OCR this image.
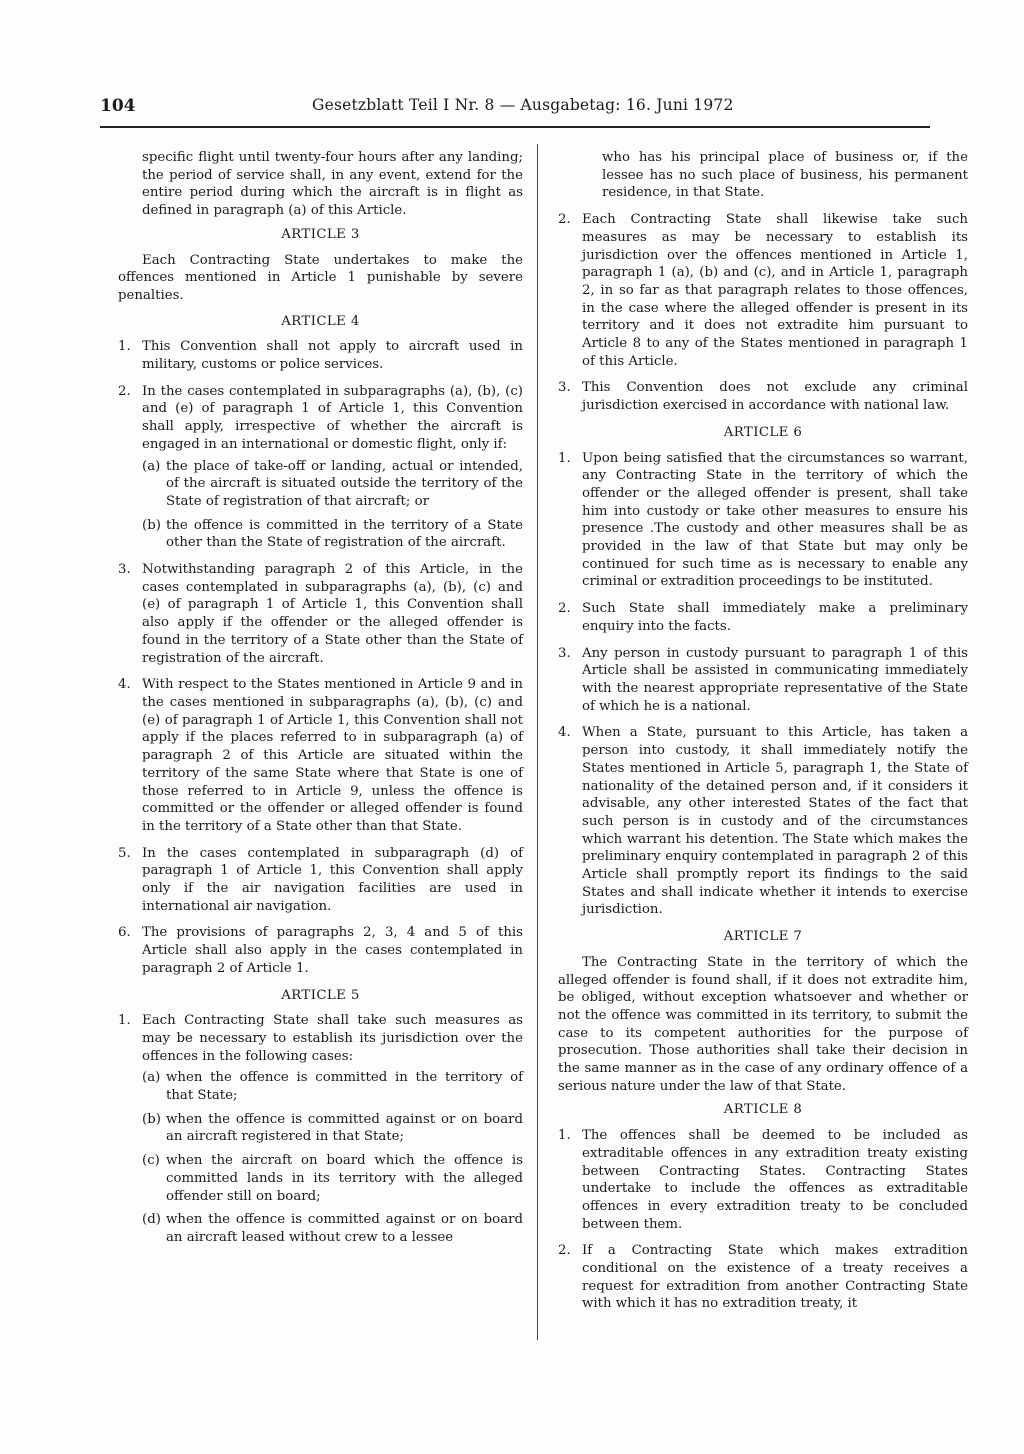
104	Gesetzblatt Teil I Nr. 8 — Ausgabetag: 16. Juni 1972

specific flight until twenty-four hours after any landing; the period of service shall, in any event, extend for the entire period during which the aircraft is in flight as defined in paragraph (a) of this Article.

ARTICLE 3

Each Contracting State undertakes to make the offences mentioned in Article 1 punishable by severe penalties.

ARTICLE 4
1. This Convention shall not apply to aircraft used in military, customs or police services.
2. In the cases contemplated in subparagraphs (a), (b), (c) and (e) of paragraph 1 of Article 1, this Convention shall apply, irrespective of whether the aircraft is engaged in an international or domestic flight, only if:
(a) the place of take-off or landing, actual or intended, of the aircraft is situated outside the territory of the State of registration of that aircraft; or
(b) the offence is committed in the territory of a State other than the State of registration of the aircraft.
3. Notwithstanding paragraph 2 of this Article, in the cases contemplated in subparagraphs (a), (b), (c) and (e) of paragraph 1 of Article 1, this Convention shall also apply if the offender or the alleged offender is found in the territory of a State other than the State of registration of the aircraft.
4. With respect to the States mentioned in Article 9 and in the cases mentioned in subparagraphs (a), (b), (c) and (e) of paragraph 1 of Article 1, this Convention shall not apply if the places referred to in subparagraph (a) of paragraph 2 of this Article are situated within the territory of the same State where that State is one of those referred to in Article 9, unless the offence is committed or the offender or alleged offender is found in the territory of a State other than that State.
5. In the cases contemplated in subparagraph (d) of paragraph 1 of Article 1, this Convention shall apply only if the air navigation facilities are used in international air navigation.
6. The provisions of paragraphs 2, 3, 4 and 5 of this Article shall also apply in the cases contemplated in paragraph 2 of Article 1.
ARTICLE 5
1. Each Contracting State shall take such measures as may be necessary to establish its jurisdiction over the offences in the following cases:
(a) when the offence is committed in the territory of that State;
(b) when the offence is committed against or on board an aircraft registered in that State;
(c) when the aircraft on board which the offence is committed lands in its territory with the alleged offender still on board;
(d) when the offence is committed against or on board an aircraft leased without crew to a lessee

who has his principal place of business or, if the lessee has no such place of business, his permanent residence, in that State.

2. Each Contracting State shall likewise take such measures as may be necessary to establish its jurisdiction over the offences mentioned in Article 1, paragraph 1 (a), (b) and (c), and in Article 1, paragraph 2, in so far as that paragraph relates to those offences, in the case where the alleged offender is present in its territory and it does not extradite him pursuant to Article 8 to any of the States mentioned in paragraph 1 of this Article.
3. This Convention does not exclude any criminal jurisdiction exercised in accordance with national law.
ARTICLE 6
1. Upon being satisfied that the circumstances so warrant, any Contracting State in the territory of which the offender or the alleged offender is present, shall take him into custody or take other measures to ensure his presence .The custody and other measures shall be as provided in the law of that State but may only be continued for such time as is necessary to enable any criminal or extradition proceedings to be instituted.
2. Such State shall immediately make a preliminary enquiry into the facts.
3. Any person in custody pursuant to paragraph 1 of this Article shall be assisted in communicating immediately with the nearest appropriate representative of the State of which he is a national.
4. When a State, pursuant to this Article, has taken a person into custody, it shall immediately notify the States mentioned in Article 5, paragraph 1, the State of nationality of the detained person and, if it considers it advisable, any other interested States of the fact that such person is in custody and of the circumstances which warrant his detention. The State which makes the preliminary enquiry contemplated in paragraph 2 of this Article shall promptly report its findings to the said States and shall indicate whether it intends to exercise jurisdiction.
ARTICLE 7

The Contracting State in the territory of which the alleged offender is found shall, if it does not extradite him, be obliged, without exception whatsoever and whether or not the offence was committed in its territory, to submit the case to its competent authorities for the purpose of prosecution. Those authorities shall take their decision in the same manner as in the case of any ordinary offence of a serious nature under the law of that State.

ARTICLE 8
1. The offences shall be deemed to be included as extraditable offences in any extradition treaty existing between Contracting States. Contracting States undertake to include the offences as extraditable offences in every extradition treaty to be concluded between them.
2. If a Contracting State which makes extradition conditional on the existence of a treaty receives a request for extradition from another Contracting State with which it has no extradition treaty, it
